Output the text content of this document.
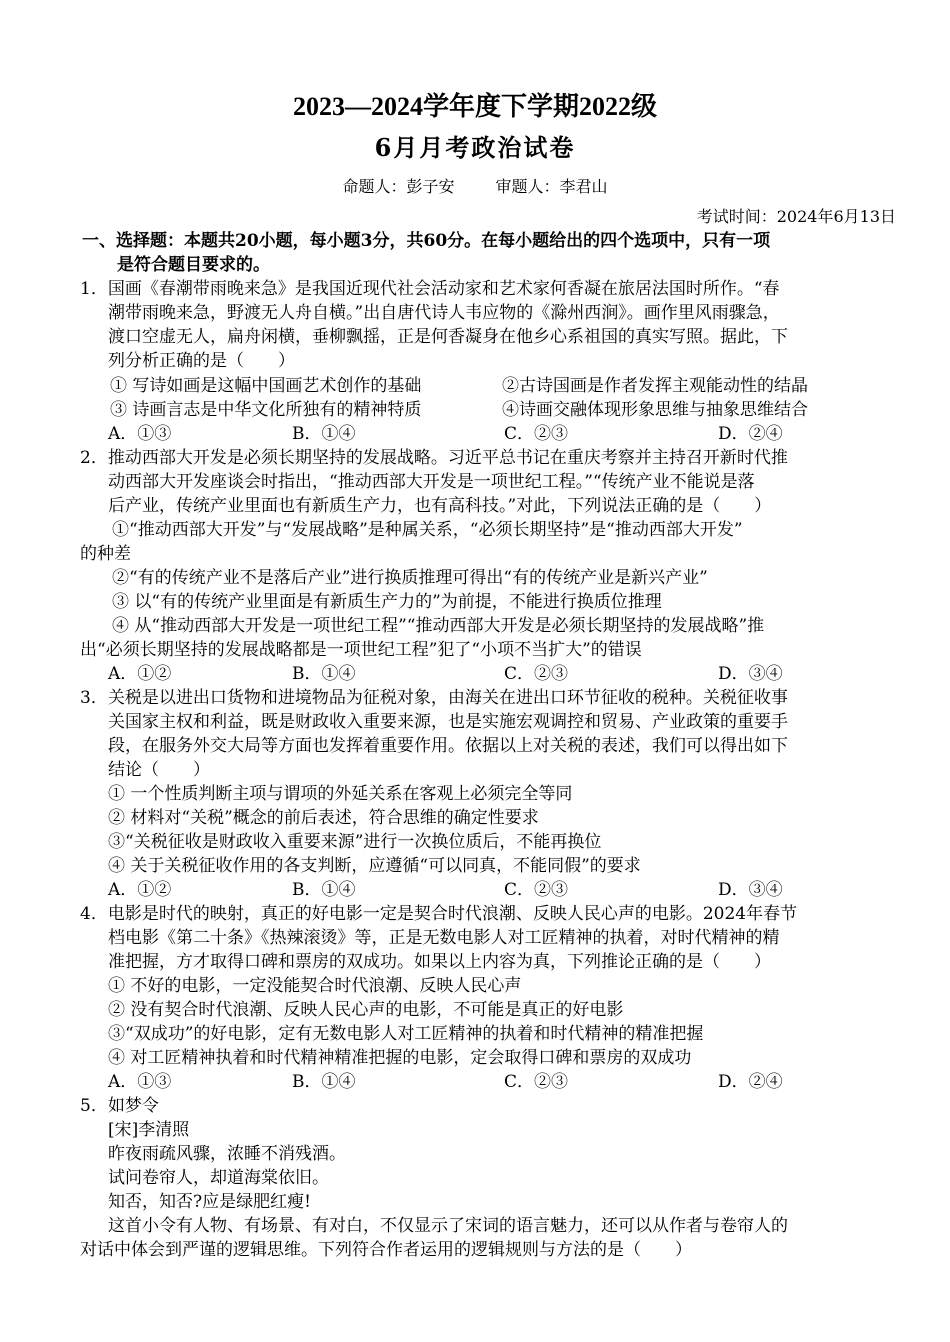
2023—2024学年度下学期2022级
6月月考政治试卷
命题人：彭子安	审题人：李君山
考试时间：2024年6月13日
一、选择题：本题共20小题，每小题3分，共60分。在每小题给出的四个选项中，只有一项
是符合题目要求的。
1．国画《春潮带雨晚来急》是我国近现代社会活动家和艺术家何香凝在旅居法国时所作。“春
潮带雨晚来急，野渡无人舟自横。”出自唐代诗人韦应物的《滁州西涧》。画作里风雨骤急，
渡口空虚无人，扁舟闲横，垂柳飘摇，正是何香凝身在他乡心系祖国的真实写照。据此，下
列分析正确的是（　　）
① 写诗如画是这幅中国画艺术创作的基础	②古诗国画是作者发挥主观能动性的结晶
③ 诗画言志是中华文化所独有的精神特质	④诗画交融体现形象思维与抽象思维结合
A．①③	B．①④	C．②③	D．②④
2．推动西部大开发是必须长期坚持的发展战略。习近平总书记在重庆考察并主持召开新时代推
动西部大开发座谈会时指出，“推动西部大开发是一项世纪工程。”“传统产业不能说是落
后产业，传统产业里面也有新质生产力，也有高科技。”对此，下列说法正确的是（　　）
①“推动西部大开发”与“发展战略”是种属关系，“必须长期坚持”是“推动西部大开发”
的种差
②“有的传统产业不是落后产业”进行换质推理可得出“有的传统产业是新兴产业”
③ 以“有的传统产业里面是有新质生产力的”为前提，不能进行换质位推理
④ 从“推动西部大开发是一项世纪工程”“推动西部大开发是必须长期坚持的发展战略”推
出“必须长期坚持的发展战略都是一项世纪工程”犯了“小项不当扩大”的错误
A．①②	B．①④	C．②③	D．③④
3．关税是以进出口货物和进境物品为征税对象，由海关在进出口环节征收的税种。关税征收事
关国家主权和利益，既是财政收入重要来源，也是实施宏观调控和贸易、产业政策的重要手
段，在服务外交大局等方面也发挥着重要作用。依据以上对关税的表述，我们可以得出如下
结论（　　）
① 一个性质判断主项与谓项的外延关系在客观上必须完全等同
② 材料对“关税”概念的前后表述，符合思维的确定性要求
③“关税征收是财政收入重要来源”进行一次换位质后，不能再换位
④ 关于关税征收作用的各支判断，应遵循“可以同真，不能同假”的要求
A．①②	B．①④	C．②③	D．③④
4．电影是时代的映射，真正的好电影一定是契合时代浪潮、反映人民心声的电影。2024年春节
档电影《第二十条》《热辣滚烫》等，正是无数电影人对工匠精神的执着，对时代精神的精
准把握，方才取得口碑和票房的双成功。如果以上内容为真，下列推论正确的是（　　）
① 不好的电影，一定没能契合时代浪潮、反映人民心声
② 没有契合时代浪潮、反映人民心声的电影，不可能是真正的好电影
③“双成功”的好电影，定有无数电影人对工匠精神的执着和时代精神的精准把握
④ 对工匠精神执着和时代精神精准把握的电影，定会取得口碑和票房的双成功
A．①③	B．①④	C．②③	D．②④
5．如梦令
[宋]李清照
昨夜雨疏风骤，浓睡不消残酒。
试问卷帘人，却道海棠依旧。
知否，知否?应是绿肥红瘦!
这首小令有人物、有场景、有对白，不仅显示了宋词的语言魅力，还可以从作者与卷帘人的
对话中体会到严谨的逻辑思维。下列符合作者运用的逻辑规则与方法的是（　　）
